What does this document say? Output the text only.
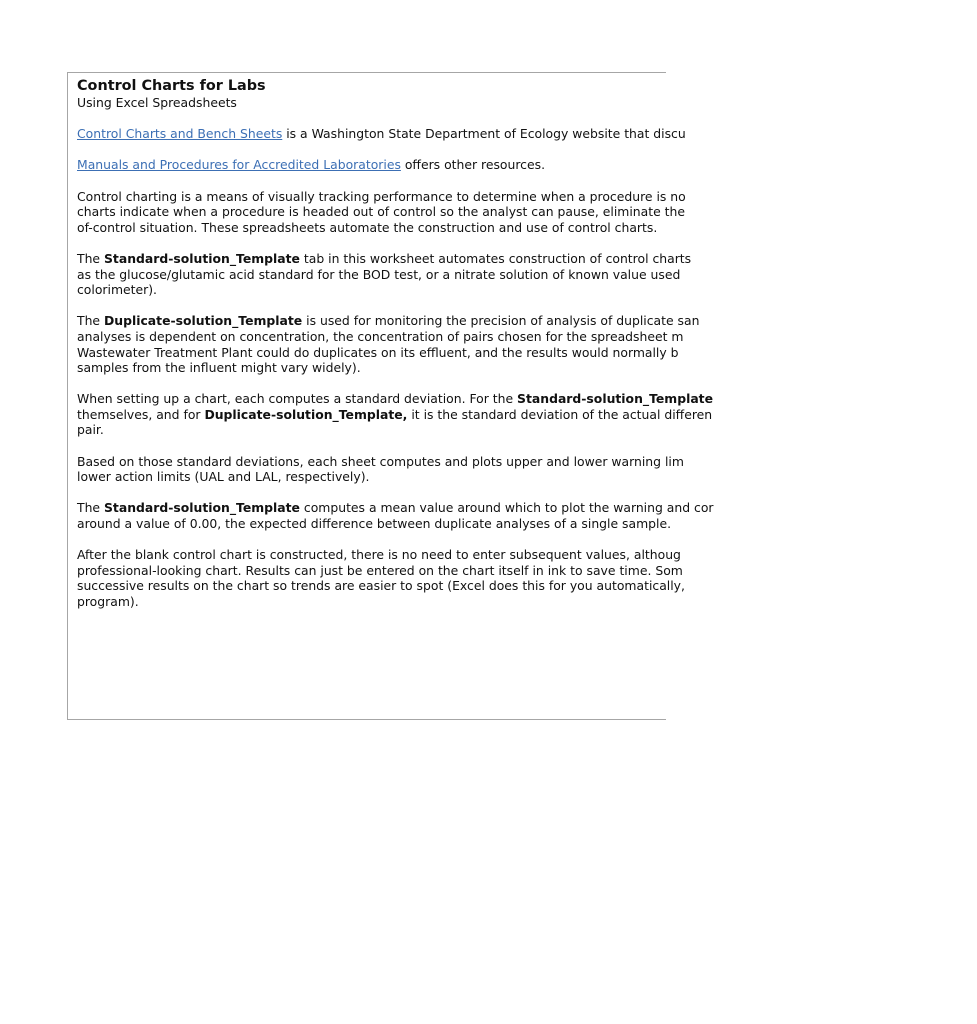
Control Charts for Labs
Using Excel Spreadsheets
Control Charts and Bench Sheets is a Washington State Department of Ecology website that discu
Manuals and Procedures for Accredited Laboratories offers other resources.
Control charting is a means of visually tracking performance to determine when a procedure is no
charts indicate when a procedure is headed out of control so the analyst can pause, eliminate the
of-control situation. These spreadsheets automate the construction and use of control charts.
The Standard-solution_Template tab in this worksheet automates construction of control charts
as the glucose/glutamic acid standard for the BOD test, or a nitrate solution of known value used
colorimeter).
The Duplicate-solution_Template is used for monitoring the precision of analysis of duplicate san
analyses is dependent on concentration, the concentration of pairs chosen for the spreadsheet m
Wastewater Treatment Plant could do duplicates on its effluent, and the results would normally b
samples from the influent might vary widely).
When setting up a chart, each computes a standard deviation. For the Standard-solution_Template
themselves, and for Duplicate-solution_Template, it is the standard deviation of the actual differen
pair.
Based on those standard deviations, each sheet computes and plots upper and lower warning lim
lower action limits (UAL and LAL, respectively).
The Standard-solution_Template computes a mean value around which to plot the warning and cor
around a value of 0.00, the expected difference between duplicate analyses of a single sample.
After the blank control chart is constructed, there is no need to enter subsequent values, althoug
professional-looking chart. Results can just be entered on the chart itself in ink to save time. Som
successive results on the chart so trends are easier to spot (Excel does this for you automatically,
program).
